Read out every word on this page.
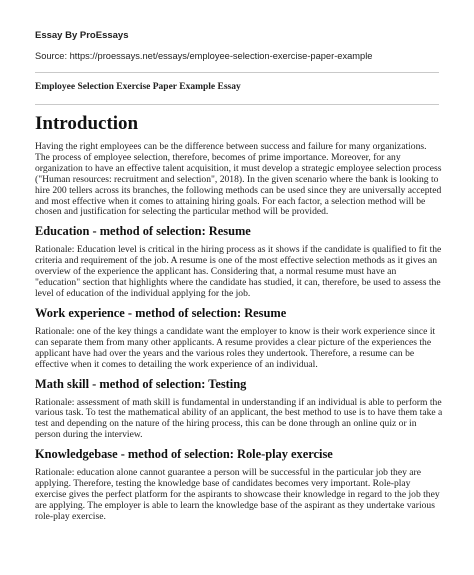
Essay By ProEssays
Source: https://proessays.net/essays/employee-selection-exercise-paper-example
Employee Selection Exercise Paper Example Essay
Introduction

Having the right employees can be the difference between success and failure for many organizations. The process of employee selection, therefore, becomes of prime importance. Moreover, for any organization to have an effective talent acquisition, it must develop a strategic employee selection process ("Human resources: recruitment and selection", 2018). In the given scenario where the bank is looking to hire 200 tellers across its branches, the following methods can be used since they are universally accepted and most effective when it comes to attaining hiring goals. For each factor, a selection method will be chosen and justification for selecting the particular method will be provided.

Education - method of selection: Resume

Rationale: Education level is critical in the hiring process as it shows if the candidate is qualified to fit the criteria and requirement of the job. A resume is one of the most effective selection methods as it gives an overview of the experience the applicant has. Considering that, a normal resume must have an "education" section that highlights where the candidate has studied, it can, therefore, be used to assess the level of education of the individual applying for the job.

Work experience - method of selection: Resume

Rationale: one of the key things a candidate want the employer to know is their work experience since it can separate them from many other applicants. A resume provides a clear picture of the experiences the applicant have had over the years and the various roles they undertook. Therefore, a resume can be effective when it comes to detailing the work experience of an individual.

Math skill - method of selection: Testing

Rationale: assessment of math skill is fundamental in understanding if an individual is able to perform the various task. To test the mathematical ability of an applicant, the best method to use is to have them take a test and depending on the nature of the hiring process, this can be done through an online quiz or in person during the interview.

Knowledgebase - method of selection: Role-play exercise

Rationale: education alone cannot guarantee a person will be successful in the particular job they are applying. Therefore, testing the knowledge base of candidates becomes very important. Role-play exercise gives the perfect platform for the aspirants to showcase their knowledge in regard to the job they are applying. The employer is able to learn the knowledge base of the aspirant as they undertake various role-play exercise.
